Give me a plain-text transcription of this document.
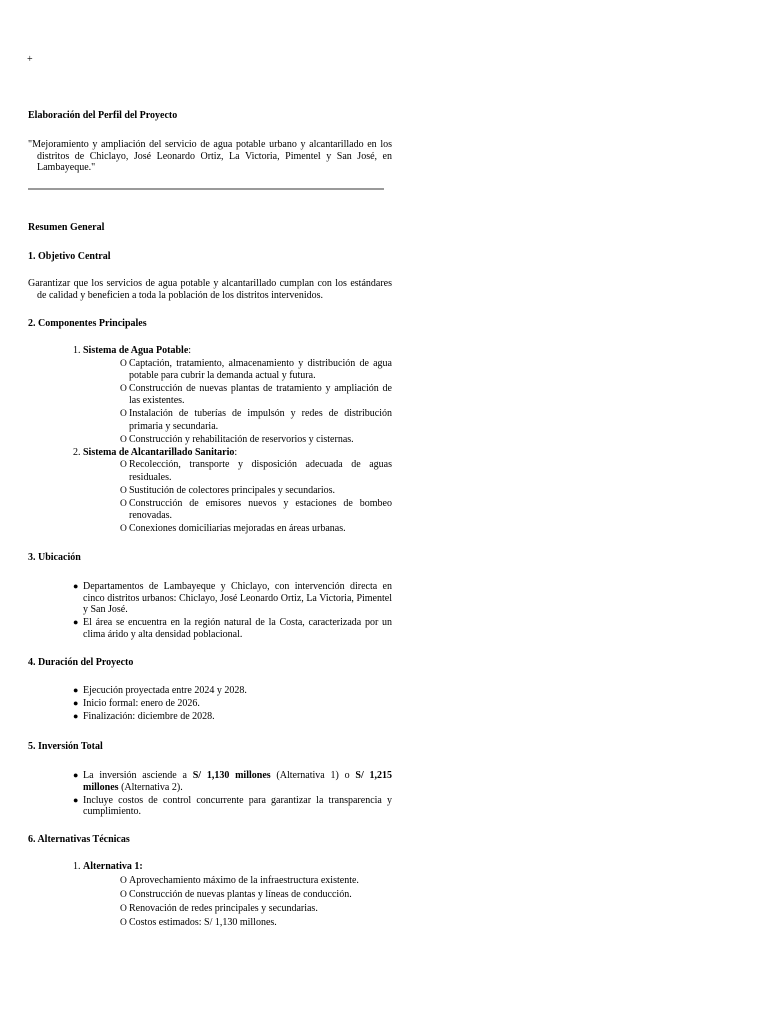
+
Elaboración del Perfil del Proyecto
"Mejoramiento y ampliación del servicio de agua potable urbano y alcantarillado en los distritos de Chiclayo, José Leonardo Ortiz, La Victoria, Pimentel y San José, en Lambayeque."
Resumen General
1. Objetivo Central
Garantizar que los servicios de agua potable y alcantarillado cumplan con los estándares de calidad y beneficien a toda la población de los distritos intervenidos.
2. Componentes Principales
1. Sistema de Agua Potable:
O Captación, tratamiento, almacenamiento y distribución de agua potable para cubrir la demanda actual y futura.
O Construcción de nuevas plantas de tratamiento y ampliación de las existentes.
O Instalación de tuberías de impulsón y redes de distribución primaria y secundaria.
O Construcción y rehabilitación de reservorios y cisternas.
2. Sistema de Alcantarillado Sanitario:
O Recolección, transporte y disposición adecuada de aguas residuales.
O Sustitución de colectores principales y secundarios.
O Construcción de emisores nuevos y estaciones de bombeo renovadas.
O Conexiones domiciliarias mejoradas en áreas urbanas.
3. Ubicación
● Departamentos de Lambayeque y Chiclayo, con intervención directa en cinco distritos urbanos: Chiclayo, José Leonardo Ortiz, La Victoria, Pimentel y San José.
● El área se encuentra en la región natural de la Costa, caracterizada por un clima árido y alta densidad poblacional.
4. Duración del Proyecto
● Ejecución proyectada entre 2024 y 2028.
● Inicio formal: enero de 2026.
● Finalización: diciembre de 2028.
5. Inversión Total
● La inversión asciende a S/ 1,130 millones (Alternativa 1) o S/ 1,215 millones (Alternativa 2).
● Incluye costos de control concurrente para garantizar la transparencia y cumplimiento.
6. Alternativas Técnicas
1. Alternativa 1:
O Aprovechamiento máximo de la infraestructura existente.
O Construcción de nuevas plantas y líneas de conducción.
O Renovación de redes principales y secundarias.
O Costos estimados: S/ 1,130 millones.
